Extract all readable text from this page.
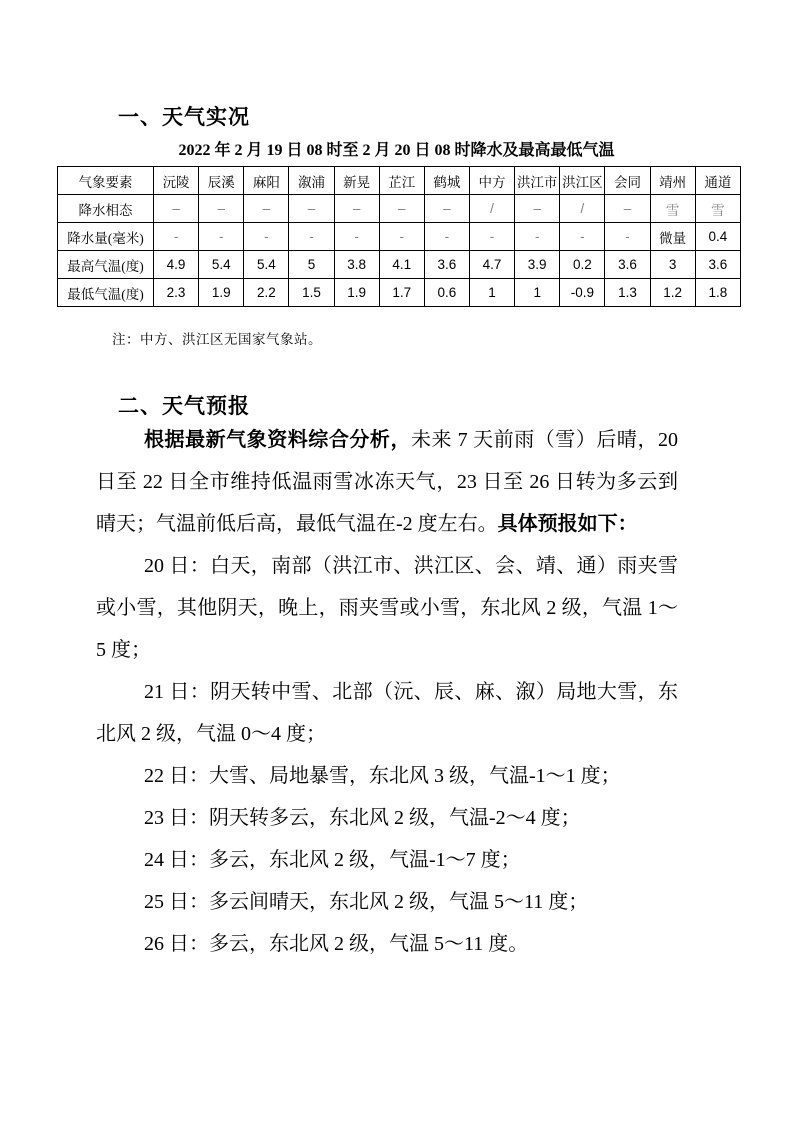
一、天气实况
2022 年 2 月 19 日 08 时至 2 月 20 日 08 时降水及最高最低气温
气象要素	沅陵	辰溪	麻阳	溆浦	新晃	芷江	鹤城	中方	洪江市	洪江区	会同	靖州	通道
降水相态	–	–	–	–	–	–	–	/	–	/	–	雪	雪
降水量(毫米)	-	-	-	-	-	-	-	-	-	-	-	微量	0.4
最高气温(度)	4.9	5.4	5.4	5	3.8	4.1	3.6	4.7	3.9	0.2	3.6	3	3.6
最低气温(度)	2.3	1.9	2.2	1.5	1.9	1.7	0.6	1	1	-0.9	1.3	1.2	1.8
注：中方、洪江区无国家气象站。
二、天气预报

根据最新气象资料综合分析，未来 7 天前雨（雪）后晴，20 日至 22 日全市维持低温雨雪冰冻天气，23 日至 26 日转为多云到晴天；气温前低后高，最低气温在-2 度左右。具体预报如下：

20 日：白天，南部（洪江市、洪江区、会、靖、通）雨夹雪或小雪，其他阴天，晚上，雨夹雪或小雪，东北风 2 级，气温 1～5 度；

21 日：阴天转中雪、北部（沅、辰、麻、溆）局地大雪，东北风 2 级，气温 0～4 度；

22 日：大雪、局地暴雪，东北风 3 级，气温-1～1 度；

23 日：阴天转多云，东北风 2 级，气温-2～4 度；

24 日：多云，东北风 2 级，气温-1～7 度；

25 日：多云间晴天，东北风 2 级，气温 5～11 度；

26 日：多云，东北风 2 级，气温 5～11 度。
